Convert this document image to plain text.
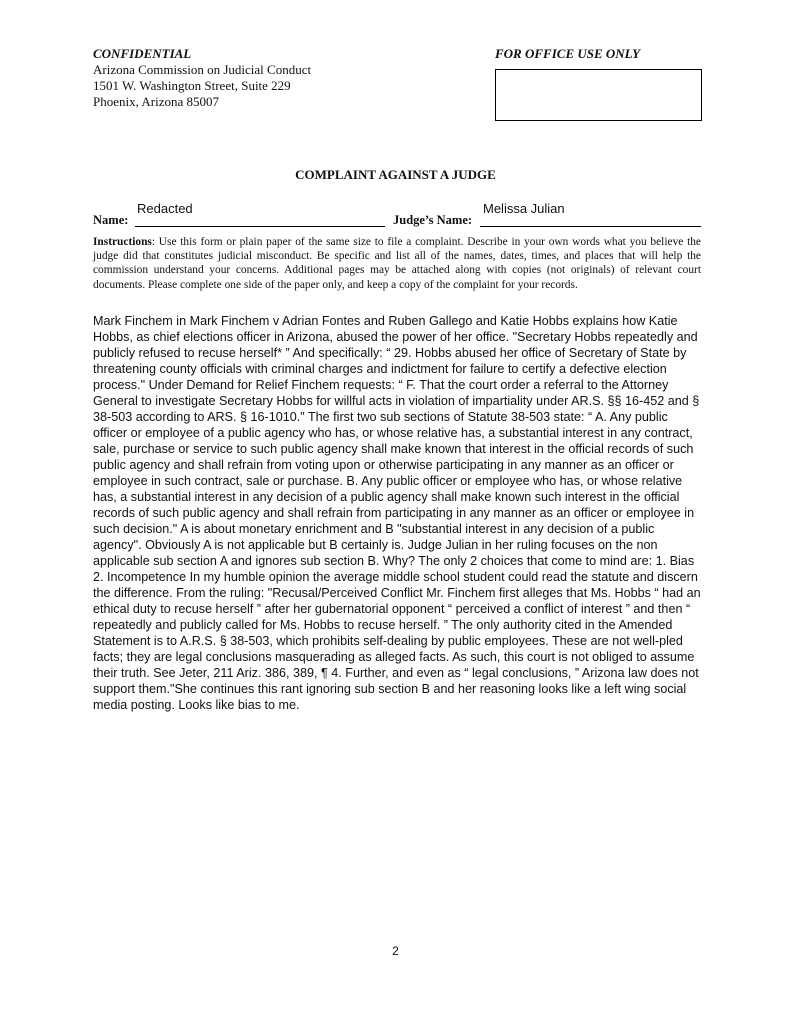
CONFIDENTIAL
Arizona Commission on Judicial Conduct
1501 W. Washington Street, Suite 229
Phoenix, Arizona 85007
FOR OFFICE USE ONLY
COMPLAINT AGAINST A JUDGE
Redacted	Melissa Julian
Name:	Judge’s Name:
Instructions: Use this form or plain paper of the same size to file a complaint. Describe in your own words what you believe the judge did that constitutes judicial misconduct. Be specific and list all of the names, dates, times, and places that will help the commission understand your concerns. Additional pages may be attached along with copies (not originals) of relevant court documents. Please complete one side of the paper only, and keep a copy of the complaint for your records.
Mark Finchem in Mark Finchem v Adrian Fontes and Ruben Gallego and Katie Hobbs explains how Katie Hobbs, as chief elections officer in Arizona, abused the power of her office. "Secretary Hobbs repeatedly and publicly refused to recuse herself* ” And specifically: “ 29. Hobbs abused her office of Secretary of State by threatening county officials with criminal charges and indictment for failure to certify a defective election process." Under Demand for Relief Finchem requests: “ F. That the court order a referral to the Attorney General to investigate Secretary Hobbs for willful acts in violation of impartiality under AR.S. §§ 16-452 and § 38-503 according to ARS. § 16-1010." The first two sub sections of Statute 38-503 state: “ A. Any public officer or employee of a public agency who has, or whose relative has, a substantial interest in any contract, sale, purchase or service to such public agency shall make known that interest in the official records of such public agency and shall refrain from voting upon or otherwise participating in any manner as an officer or employee in such contract, sale or purchase. B. Any public officer or employee who has, or whose relative has, a substantial interest in any decision of a public agency shall make known such interest in the official records of such public agency and shall refrain from participating in any manner as an officer or employee in such decision." A is about monetary enrichment and B "substantial interest in any decision of a public agency". Obviously A is not applicable but B certainly is. Judge Julian in her ruling focuses on the non applicable sub section A and ignores sub section B. Why? The only 2 choices that come to mind are: 1. Bias 2. Incompetence In my humble opinion the average middle school student could read the statute and discern the difference. From the ruling: "Recusal/Perceived Conflict Mr. Finchem first alleges that Ms. Hobbs “ had an ethical duty to recuse herself ” after her gubernatorial opponent “ perceived a conflict of interest ” and then “ repeatedly and publicly called for Ms. Hobbs to recuse herself. ” The only authority cited in the Amended Statement is to A.R.S. § 38-503, which prohibits self-dealing by public employees. These are not well-pled facts; they are legal conclusions masquerading as alleged facts. As such, this court is not obliged to assume their truth. See Jeter, 211 Ariz. 386, 389, ¶ 4. Further, and even as “ legal conclusions, ” Arizona law does not support them."She continues this rant ignoring sub section B and her reasoning looks like a left wing social media posting. Looks like bias to me.
2
